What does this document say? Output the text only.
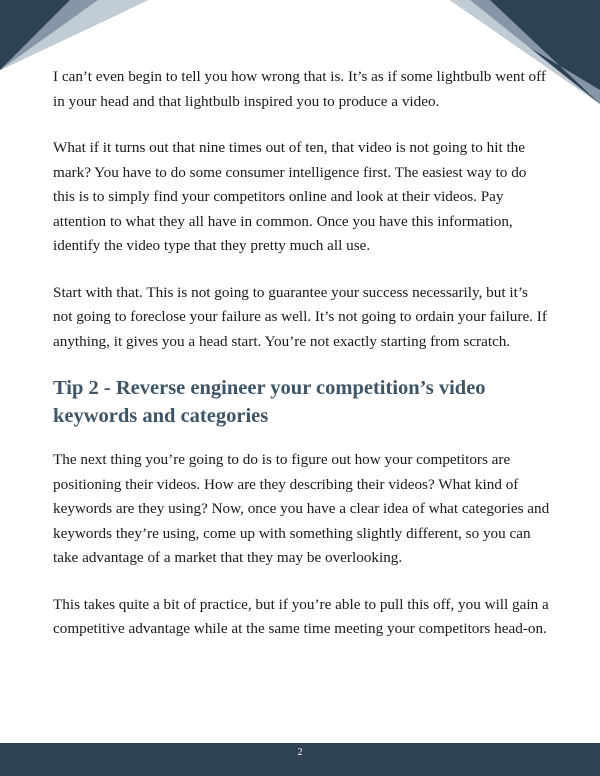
I can’t even begin to tell you how wrong that is. It’s as if some lightbulb went off in your head and that lightbulb inspired you to produce a video.

What if it turns out that nine times out of ten, that video is not going to hit the mark? You have to do some consumer intelligence first. The easiest way to do this is to simply find your competitors online and look at their videos. Pay attention to what they all have in common. Once you have this information, identify the video type that they pretty much all use.

Start with that. This is not going to guarantee your success necessarily, but it’s not going to foreclose your failure as well. It’s not going to ordain your failure. If anything, it gives you a head start. You’re not exactly starting from scratch.

Tip 2 - Reverse engineer your competition’s video keywords and categories

The next thing you’re going to do is to figure out how your competitors are positioning their videos. How are they describing their videos? What kind of keywords are they using? Now, once you have a clear idea of what categories and keywords they’re using, come up with something slightly different, so you can take advantage of a market that they may be overlooking.

This takes quite a bit of practice, but if you’re able to pull this off, you will gain a competitive advantage while at the same time meeting your competitors head-on.

2
